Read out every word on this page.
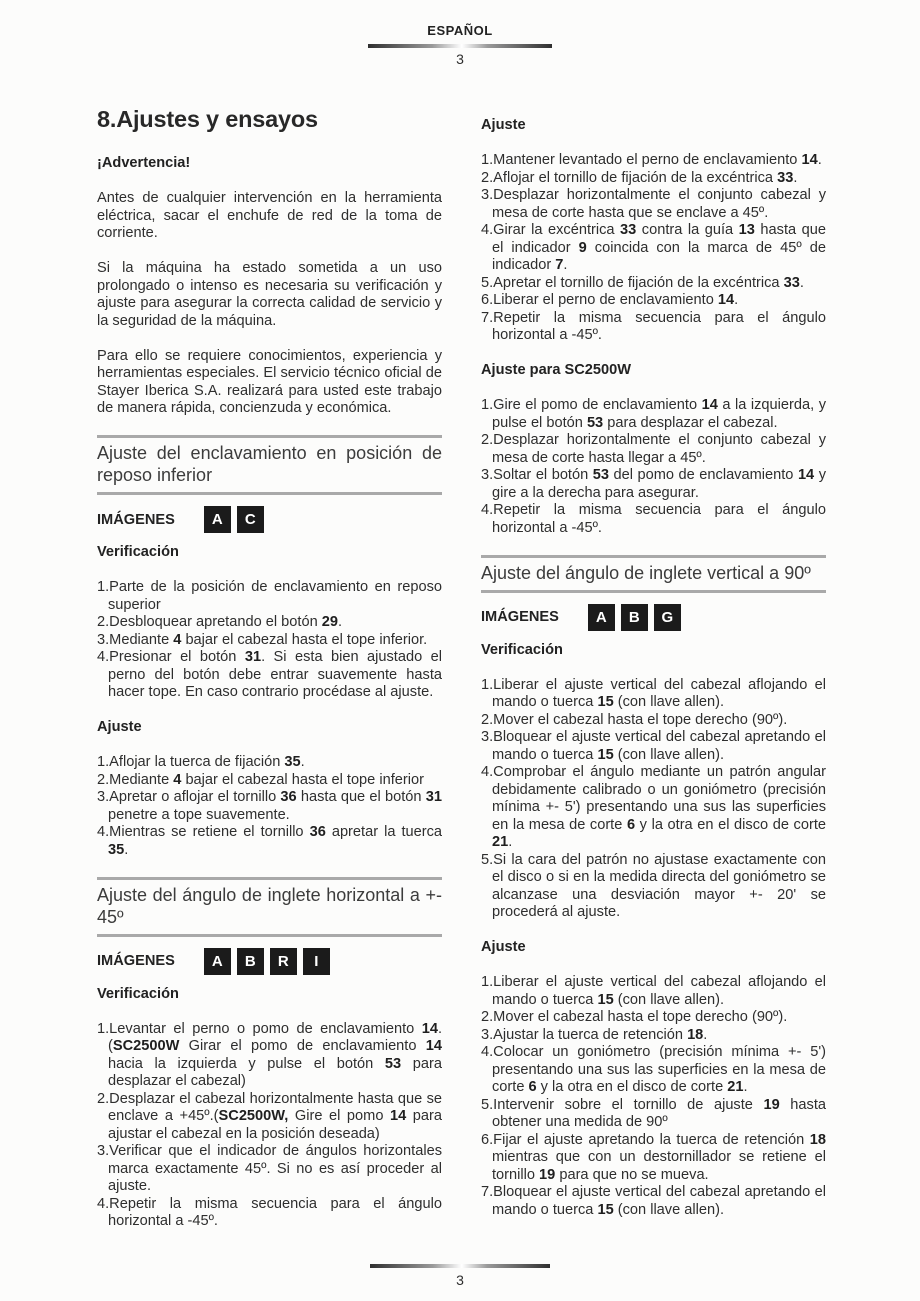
ESPAÑOL
3
8.Ajustes y ensayos
¡Advertencia!
Antes de cualquier intervención en la herramienta eléctrica, sacar el enchufe de red de la toma de corriente.
Si la máquina ha estado sometida a un uso prolongado o intenso es necesaria su verificación y ajuste para asegurar la correcta calidad de servicio y la seguridad de la máquina.
Para ello se requiere conocimientos, experiencia y herramientas especiales. El servicio técnico oficial de Stayer Iberica S.A. realizará para usted este trabajo de manera rápida, concienzuda y económica.
Ajuste del enclavamiento en posición de reposo inferior
IMÁGENES	A	C
Verificación
1.Parte de la posición de enclavamiento en reposo superior
2.Desbloquear apretando el botón 29.
3.Mediante 4 bajar el cabezal hasta el tope inferior.
4.Presionar el botón 31. Si esta bien ajustado el perno del botón debe entrar suavemente hasta hacer tope. En caso contrario procédase al ajuste.
Ajuste
1.Aflojar la tuerca de fijación 35.
2.Mediante 4 bajar el cabezal hasta el tope inferior
3.Apretar o aflojar el tornillo 36 hasta que el botón 31 penetre a tope suavemente.
4.Mientras se retiene el tornillo 36 apretar la tuerca 35.
Ajuste del ángulo de inglete horizontal a +- 45º
IMÁGENES	A	B	R	I
Verificación
1.Levantar el perno o pomo de enclavamiento 14. (SC2500W Girar el pomo de enclavamiento 14 hacia la izquierda y pulse el botón 53 para desplazar el cabezal)
2.Desplazar el cabezal horizontalmente hasta que se enclave a +45º.(SC2500W, Gire el pomo 14 para ajustar el cabezal en la posición deseada)
3.Verificar que el indicador de ángulos horizontales marca exactamente 45º. Si no es así proceder al ajuste.
4.Repetir la misma secuencia para el ángulo horizontal a -45º.
Ajuste
1.Mantener levantado el perno de enclavamiento 14.
2.Aflojar el tornillo de fijación de la excéntrica 33.
3.Desplazar horizontalmente el conjunto cabezal y mesa de corte hasta que se enclave a 45º.
4.Girar la excéntrica 33 contra la guía 13 hasta que el indicador 9 coincida con la marca de 45º de indicador 7.
5.Apretar el tornillo de fijación de la excéntrica 33.
6.Liberar el perno de enclavamiento 14.
7.Repetir la misma secuencia para el ángulo horizontal a -45º.
Ajuste para SC2500W
1.Gire el pomo de enclavamiento 14 a la izquierda, y pulse el botón 53 para desplazar el cabezal.
2.Desplazar horizontalmente el conjunto cabezal y mesa de corte hasta llegar a 45º.
3.Soltar el botón 53 del pomo de enclavamiento 14 y gire a la derecha para asegurar.
4.Repetir la misma secuencia para el ángulo horizontal a -45º.
Ajuste del ángulo de inglete vertical a 90º
IMÁGENES	A	B	G
Verificación
1.Liberar el ajuste vertical del cabezal aflojando el mando o tuerca 15 (con llave allen).
2.Mover el cabezal hasta el tope derecho (90º).
3.Bloquear el ajuste vertical del cabezal apretando el mando o tuerca 15 (con llave allen).
4.Comprobar el ángulo mediante un patrón angular debidamente calibrado o un goniómetro (precisión mínima +- 5') presentando una sus las superficies en la mesa de corte 6 y la otra en el disco de corte 21.
5.Si la cara del patrón no ajustase exactamente con el disco o si en la medida directa del goniómetro se alcanzase una desviación mayor +- 20' se procederá al ajuste.
Ajuste
1.Liberar el ajuste vertical del cabezal aflojando el mando o tuerca 15 (con llave allen).
2.Mover el cabezal hasta el tope derecho (90º).
3.Ajustar la tuerca de retención 18.
4.Colocar un goniómetro (precisión mínima +- 5') presentando una sus las superficies en la mesa de corte 6 y la otra en el disco de corte 21.
5.Intervenir sobre el tornillo de ajuste 19 hasta obtener una medida de 90º
6.Fijar el ajuste apretando la tuerca de retención 18 mientras que con un destornillador se retiene el tornillo 19 para que no se mueva.
7.Bloquear el ajuste vertical del cabezal apretando el mando o tuerca 15 (con llave allen).
3
